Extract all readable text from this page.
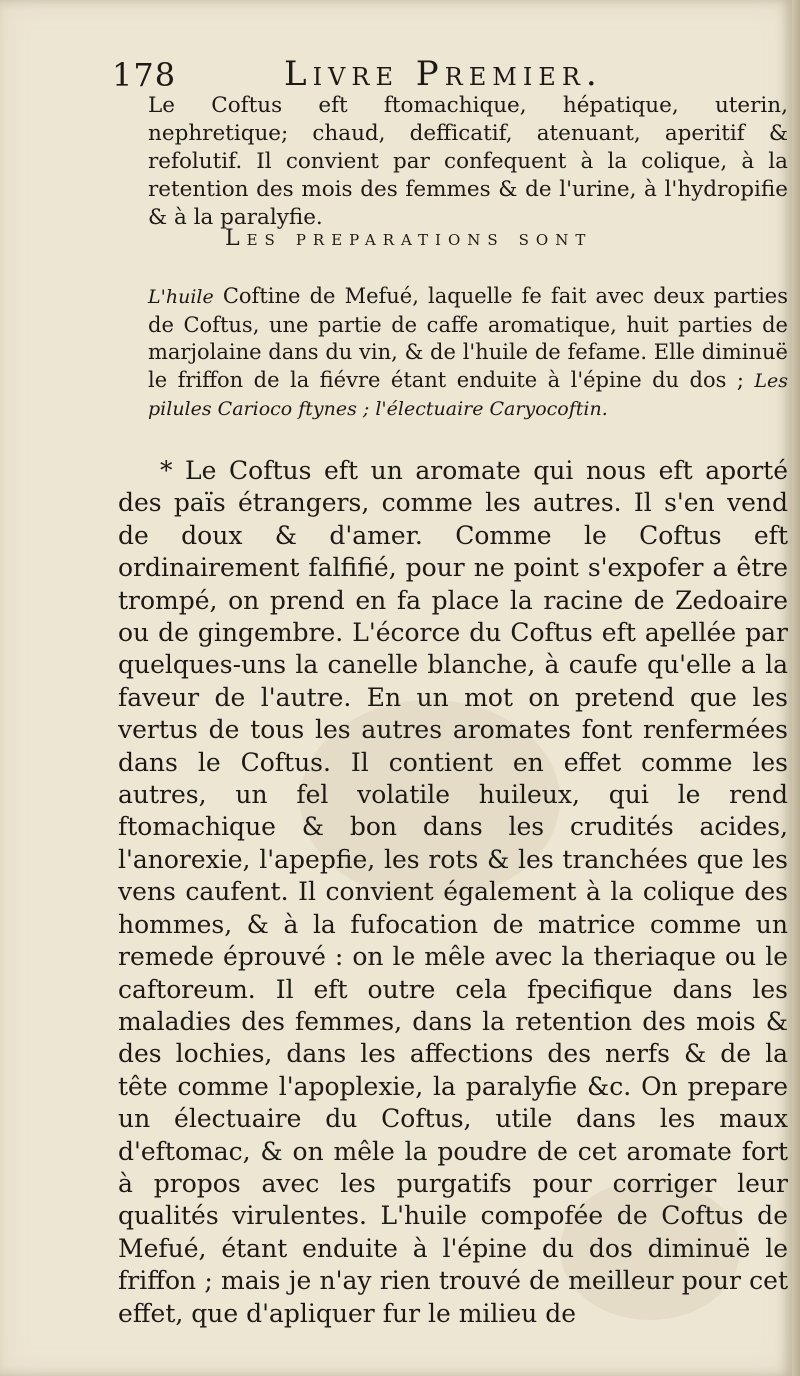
178	Livre Premier.

Le Coftus eft ftomachique, hépatique, uterin, nephretique; chaud, defficatif, atenuant, aperitif & refolutif. Il convient par confequent à la colique, à la retention des mois des femmes & de l'urine, à l'hydropifie & à la paralyfie.

Les preparations sont

L'huile Coftine de Mefué, laquelle fe fait avec deux parties de Coftus, une partie de caffe aromatique, huit parties de marjolaine dans du vin, & de l'huile de fefame. Elle diminuë le friffon de la fiévre étant enduite à l'épine du dos ; Les pilules Carioco ftynes ; l'électuaire Caryocoftin.

* Le Coftus eft un aromate qui nous eft aporté des païs étrangers, comme les autres. Il s'en vend de doux & d'amer. Comme le Coftus eft ordinairement falfifié, pour ne point s'expofer a être trompé, on prend en fa place la racine de Zedoaire ou de gingembre. L'écorce du Coftus eft apellée par quelques-uns la canelle blanche, à caufe qu'elle a la faveur de l'autre. En un mot on pretend que les vertus de tous les autres aromates font renfermées dans le Coftus. Il contient en effet comme les autres, un fel volatile huileux, qui le rend ftomachique & bon dans les crudités acides, l'anorexie, l'apepfie, les rots & les tranchées que les vens caufent. Il convient également à la colique des hommes, & à la fufocation de matrice comme un remede éprouvé : on le mêle avec la theriaque ou le caftoreum. Il eft outre cela fpecifique dans les maladies des femmes, dans la retention des mois & des lochies, dans les affections des nerfs & de la tête comme l'apoplexie, la paralyfie &c. On prepare un électuaire du Coftus, utile dans les maux d'eftomac, & on mêle la poudre de cet aromate fort à propos avec les purgatifs pour corriger leur qualités virulentes. L'huile compofée de Coftus de Mefué, étant enduite à l'épine du dos diminuë le friffon ; mais je n'ay rien trouvé de meilleur pour cet effet, que d'apliquer fur le milieu de
